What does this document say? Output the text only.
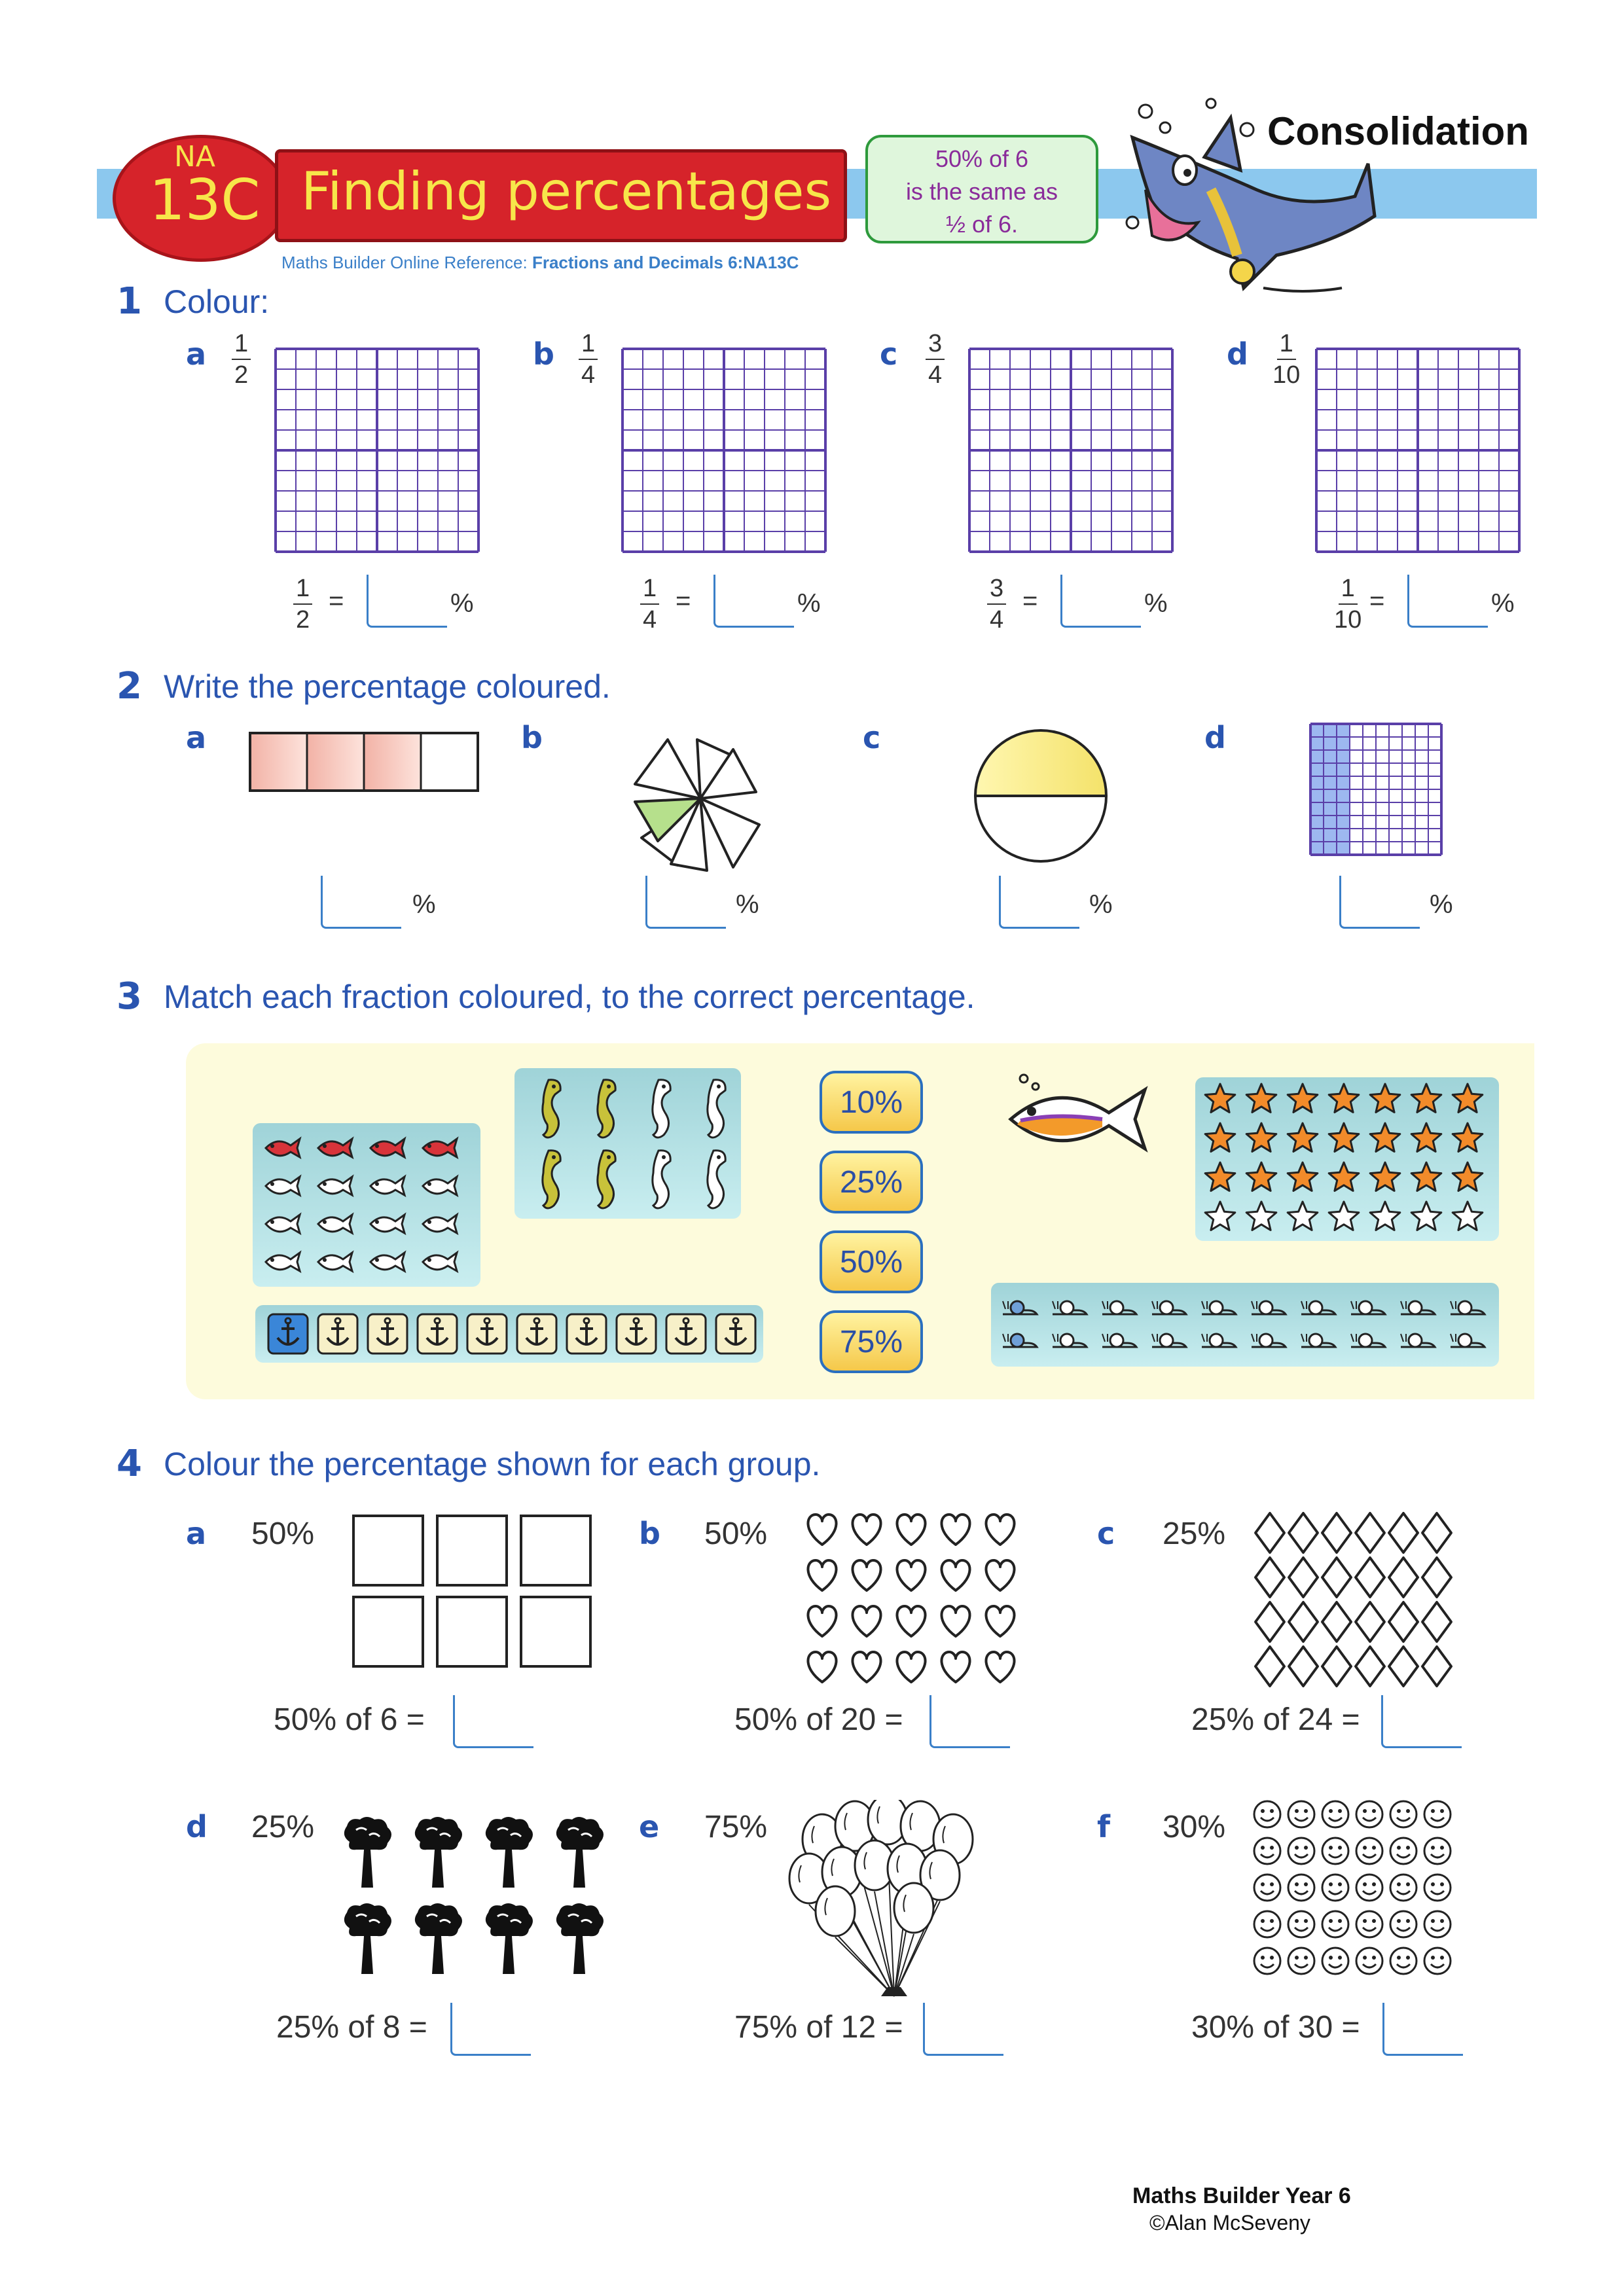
NA
13C Finding percentages
Maths Builder Online Reference: Fractions and Decimals 6:NA13C
50% of 6
is the same as
½ of 6.
Consolidation
1 Colour:
a $\frac{1}{2}$
$\frac{1}{2}$ =	%
b $\frac{1}{4}$
$\frac{1}{4}$ =	%
c $\frac{3}{4}$
$\frac{3}{4}$ =	%
d $\frac{1}{10}$
$\frac{1}{10}$ =	%
2 Write the percentage coloured.
a
%
b
%
c
%
d
%
3 Match each fraction coloured, to the correct percentage.
10%
25%
50%
75%
4 Colour the percentage shown for each group.
a 50%
50% of 6 =
b 50%
50% of 20 =
c 25%
25% of 24 =
d 25%
25% of 8 =
e 75%
75% of 12 =
f 30%
30% of 30 =
Maths Builder Year 6
©Alan McSeveny
